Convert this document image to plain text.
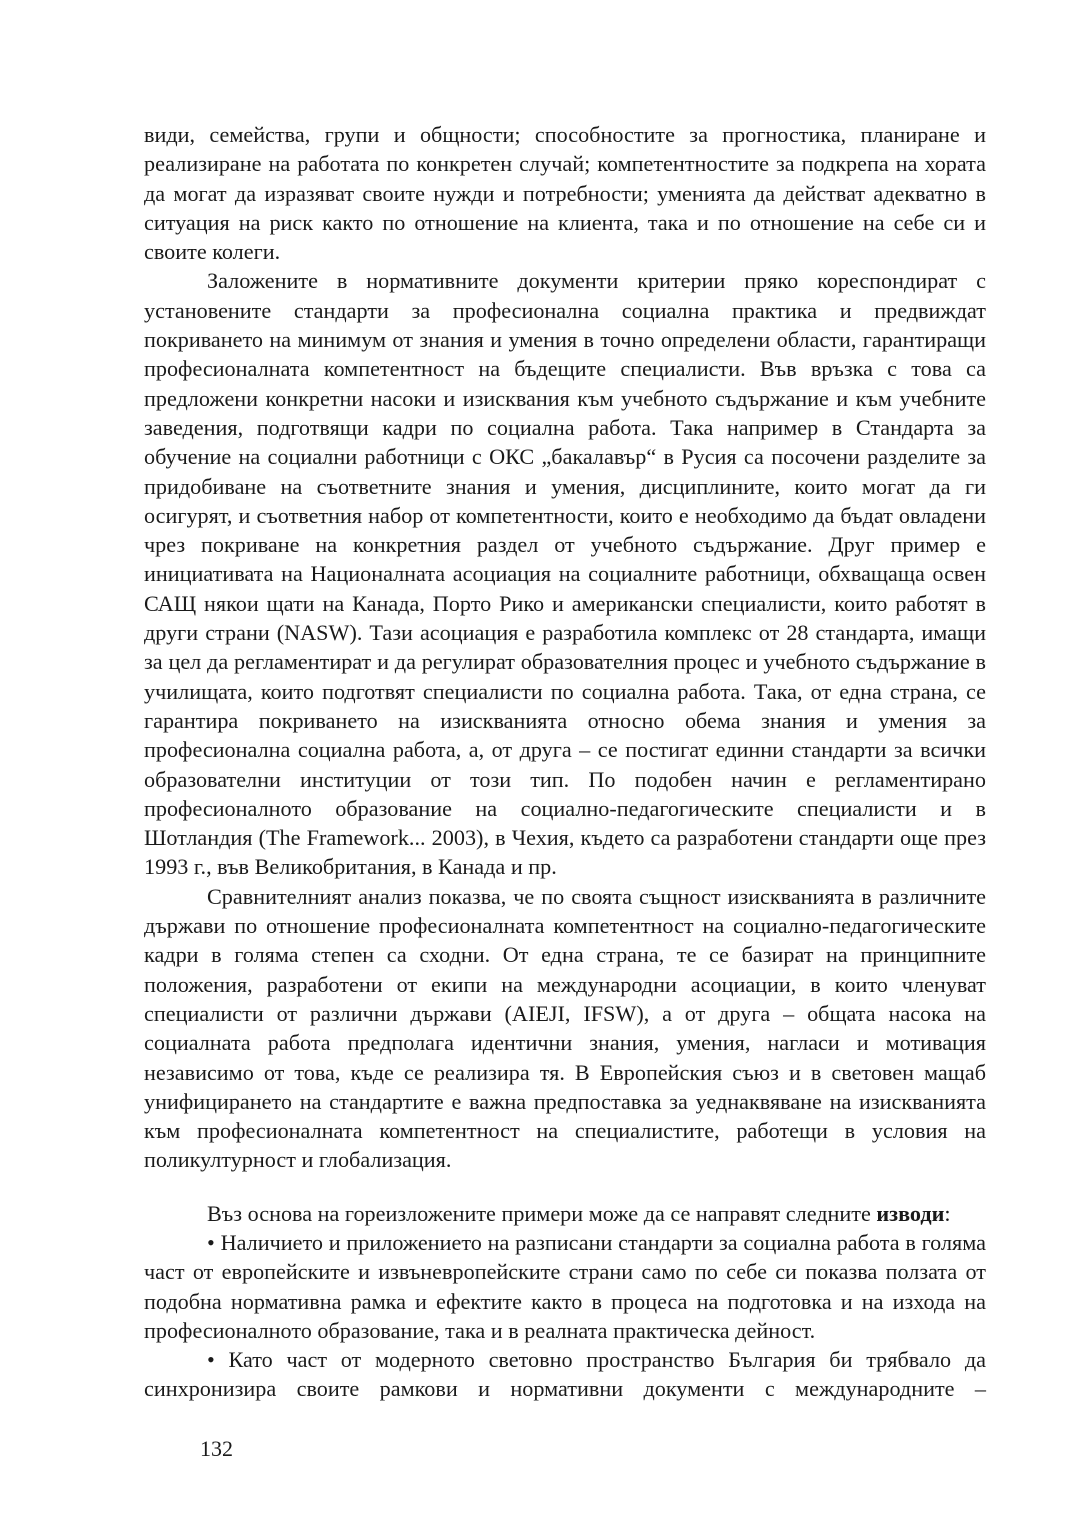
види, семейства, групи и общности; способностите за прогностика, планиране и реализиране на работата по конкретен случай; компетентностите за подкрепа на хората да могат да изразяват своите нужди и потребности; уменията да действат адекватно в ситуация на риск както по отношение на клиента, така и по отношение на себе си и своите колеги.

Заложените в нормативните документи критерии пряко кореспондират с установените стандарти за професионална социална практика и предвиждат покриването на минимум от знания и умения в точно определени области, гарантиращи професионалната компетентност на бъдещите специалисти. Във връзка с това са предложени конкретни насоки и изисквания към учебното съдържание и към учебните заведения, подготвящи кадри по социална работа. Така например в Стандарта за обучение на социални работници с ОКС „бакалавър“ в Русия са посочени разделите за придобиване на съответните знания и умения, дисциплините, които могат да ги осигурят, и съответния набор от компетентности, които е необходимо да бъдат овладени чрез покриване на конкретния раздел от учебното съдържание. Друг пример е инициативата на Националната асоциация на социалните работници, обхващаща освен САЩ някои щати на Канада, Порто Рико и американски специалисти, които работят в други страни (NASW). Тази асоциация е разработила комплекс от 28 стандарта, имащи за цел да регламентират и да регулират образователния процес и учебното съдържание в училищата, които подготвят специалисти по социална работа. Така, от една страна, се гарантира покриването на изискванията относно обема знания и умения за професионална социална работа, а, от друга – се постигат единни стандарти за всички образователни институции от този тип. По подобен начин е регламентирано професионалното образование на социално-педагогическите специалисти и в Шотландия (The Framework... 2003), в Чехия, където са разработени стандарти още през 1993 г., във Великобритания, в Канада и пр.

Сравнителният анализ показва, че по своята същност изискванията в различните държави по отношение професионалната компетентност на социално-педагогическите кадри в голяма степен са сходни. От една страна, те се базират на принципните положения, разработени от екипи на международни асоциации, в които членуват специалисти от различни държави (AIEJI, IFSW), а от друга – общата насока на социалната работа предполага идентични знания, умения, нагласи и мотивация независимо от това, къде се реализира тя. В Европейския съюз и в световен мащаб унифицирането на стандартите е важна предпоставка за уеднаквяване на изискванията към професионалната компетентност на специалистите, работещи в условия на поликултурност и глобализация.

Въз основа на гореизложените примери може да се направят следните изводи:

• Наличието и приложението на разписани стандарти за социална работа в голяма част от европейските и извъневропейските страни само по себе си показва ползата от подобна нормативна рамка и ефектите както в процеса на подготовка и на изхода на професионалното образование, така и в реалната практическа дейност.

• Като част от модерното световно пространство България би трябвало да синхронизира своите рамкови и нормативни документи с международните –

132
